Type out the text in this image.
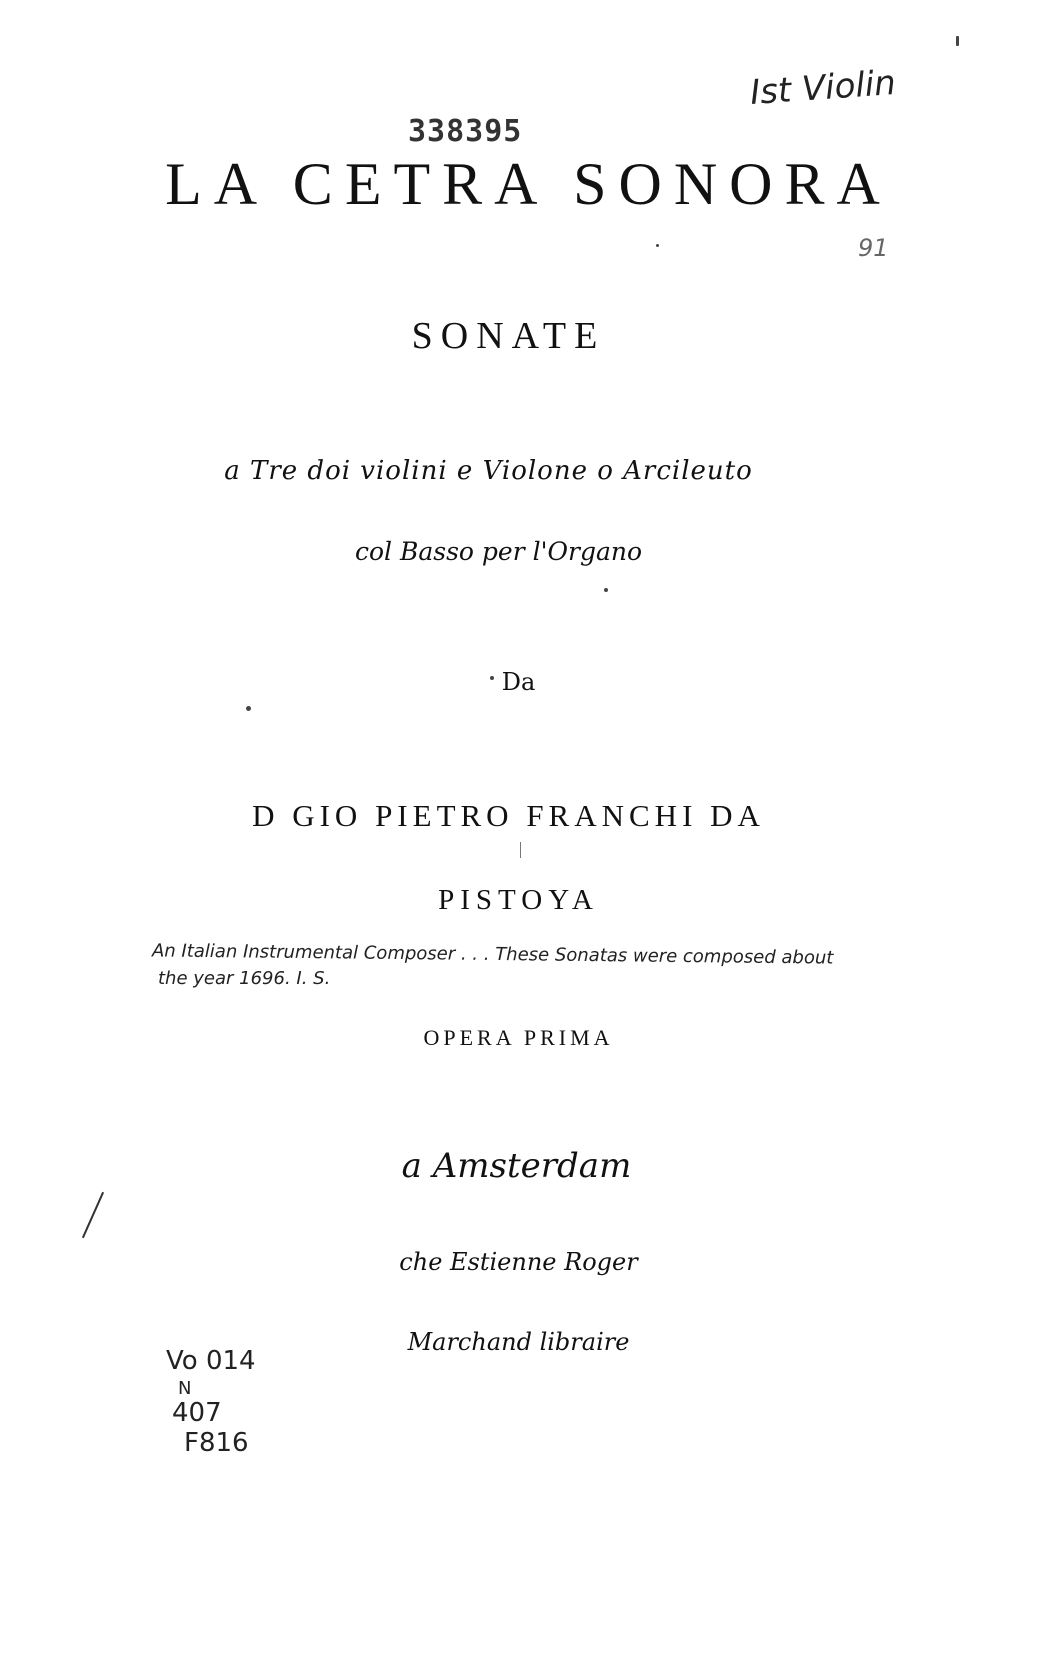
Ist Violin
338395
91
LA CETRA SONORA
SONATE
a Tre doi violini e Violone o Arcileuto
col Basso per l'Organo
Da
D GIO PIETRO FRANCHI DA
PISTOYA
An Italian Instrumental Composer . . . These Sonatas were composed about
the year 1696. I. S.
OPERA PRIMA
a Amsterdam
che Estienne Roger
Marchand libraire
Vo 014
N
407
F816
